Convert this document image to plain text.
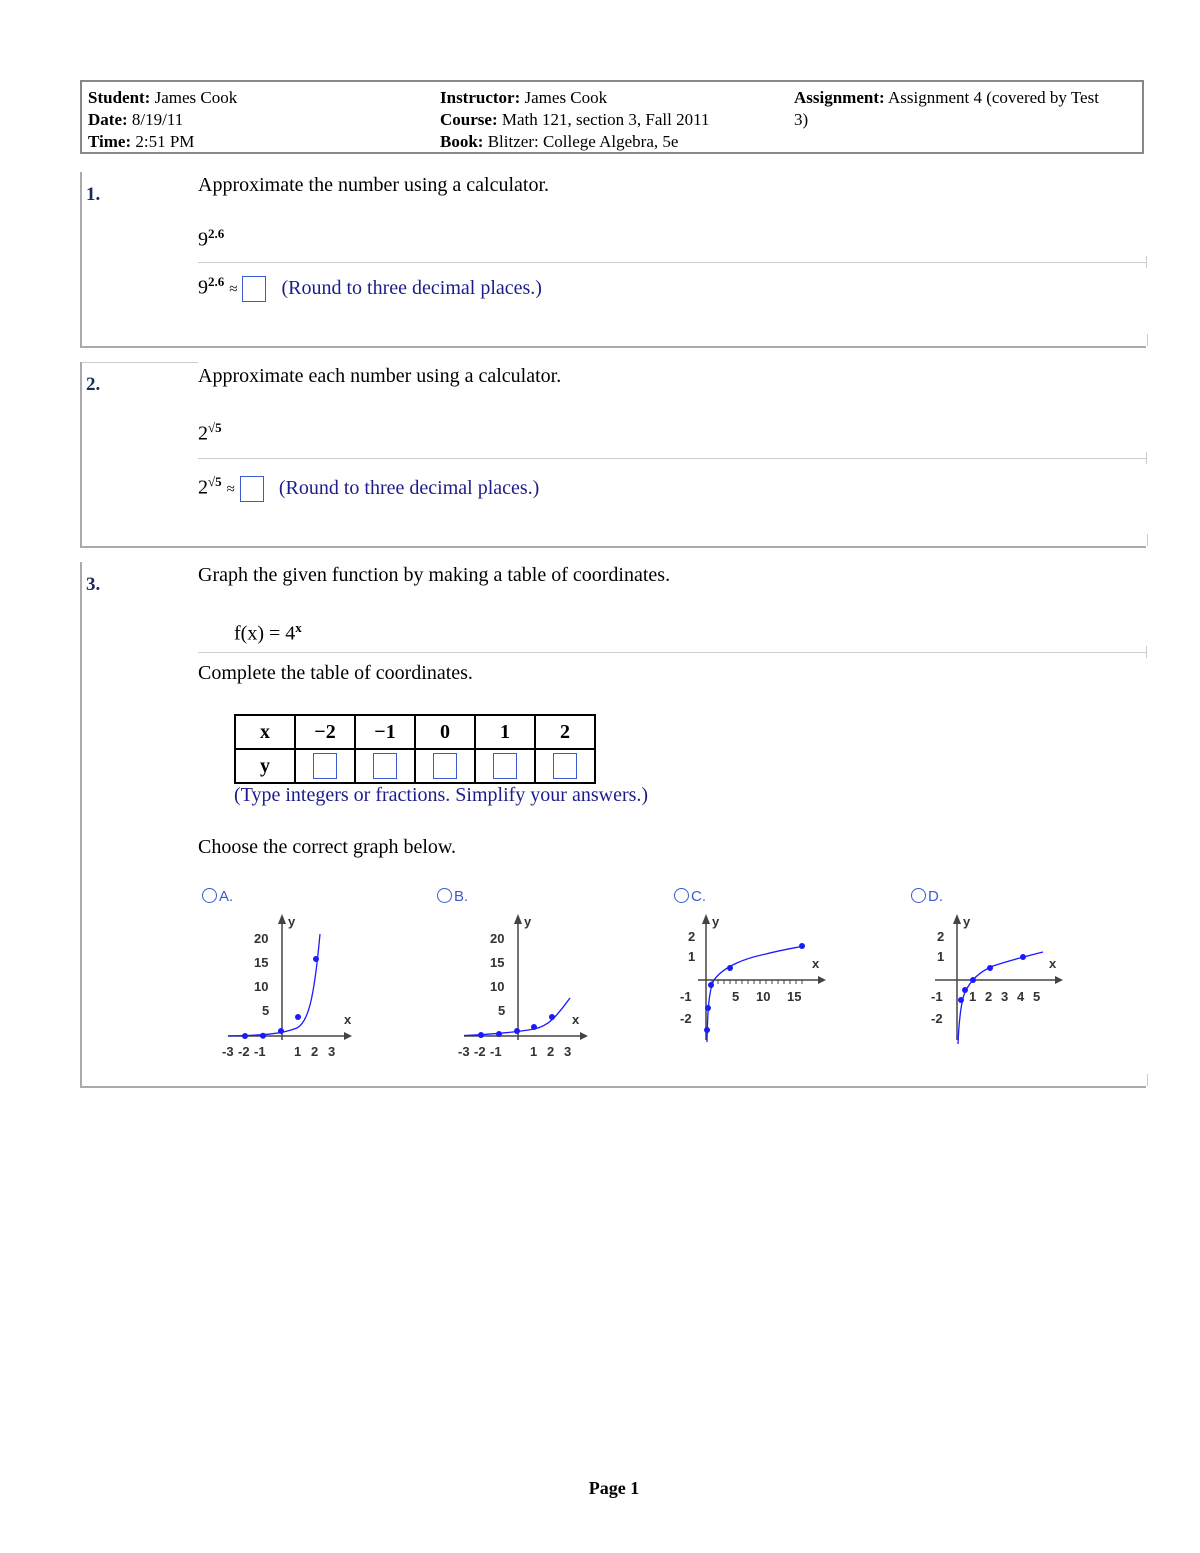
Student: James Cook
Date: 8/19/11
Time: 2:51 PM
Instructor: James Cook
Course: Math 121, section 3, Fall 2011
Book: Blitzer: College Algebra, 5e
Assignment: Assignment 4 (covered by Test
3)
1.	Approximate the number using a calculator.
$9^{2.6}$
$9^{2.6}$ ≈ (Round to three decimal places.)
2.	Approximate each number using a calculator.
$2^{√5}$
$2^{√5}$ ≈ (Round to three decimal places.)
3.	Graph the given function by making a table of coordinates.
$f(x) = 4^x$
Complete the table of coordinates.
x	−2	−1	0	1	2
y					
(Type integers or fractions. Simplify your answers.)
Choose the correct graph below.
A.	B.	C.	D.
x
y
-3 -2 -1 1 2 3
5
10
15
20
x
y
-3 -2 -1 1 2 3
5
10
15
20
x
y
5 10 15
1
2
-1
-2
x
y
1 2 3 4 5
1
2
-1
-2
Page 1
